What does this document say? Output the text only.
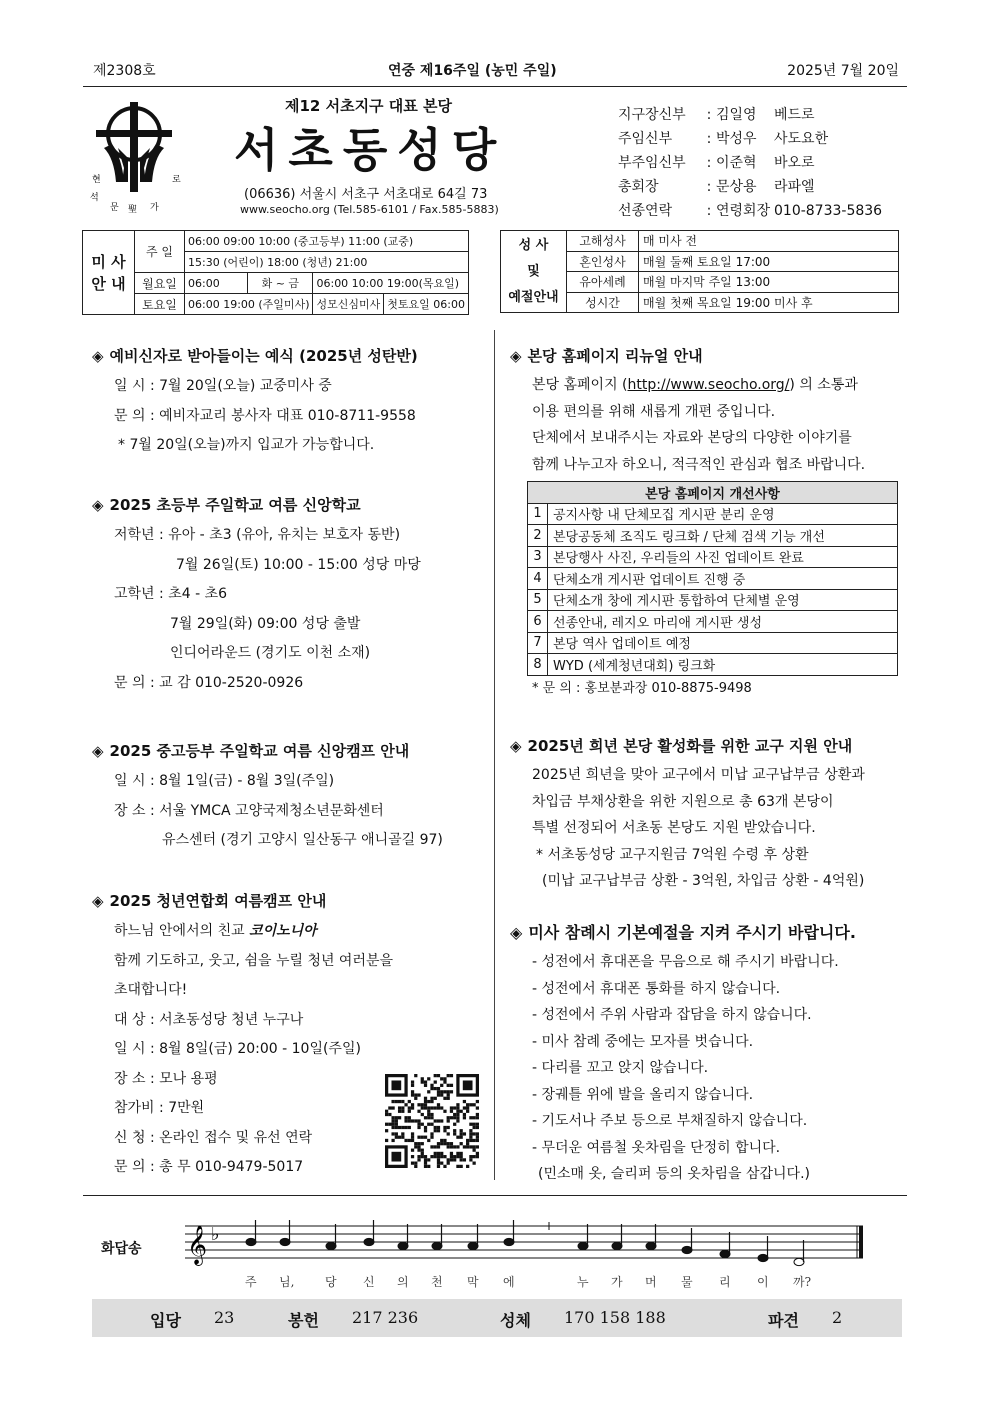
제2308호	연중 제16주일 (농민 주일)	2025년 7월 20일
현
석
문
로
가
聖
제12 서초지구 대표 본당
서초동성당
(06636) 서울시 서초구 서초대로 64길 73
www.seocho.org (Tel.585-6101 / Fax.585-5883)
지구장신부	: 김일영	베드로
주임신부	: 박성우	사도요한
부주임신부	: 이준혁	바오로
총회장	: 문상용	라파엘
선종연락	: 연령회장 010-8733-5836
미 사
안 내	주 일	06:00 09:00 10:00 (중고등부) 11:00 (교중)			
		15:30 (어린이) 18:00 (청년) 21:00			
	월요일	06:00	화 ~ 금	06:00 10:00 19:00(목요일)	
	토요일	06:00 19:00 (주일미사)		성모신심미사	첫토요일 06:00
성 사
및
예절안내	고해성사	매 미사 전
	혼인성사	매월 둘째 토요일 17:00
	유아세례	매월 마지막 주일 13:00
	성시간	매월 첫째 목요일 19:00 미사 후
◈ 예비신자로 받아들이는 예식 (2025년 성탄반)
일 시 : 7월 20일(오늘) 교중미사 중
문 의 : 예비자교리 봉사자 대표 010-8711-9558
* 7월 20일(오늘)까지 입교가 가능합니다.
◈ 2025 초등부 주일학교 여름 신앙학교
저학년 : 유아 - 초3 (유아, 유치는 보호자 동반)
7월 26일(토) 10:00 - 15:00 성당 마당
고학년 : 초4 - 초6
7월 29일(화) 09:00 성당 출발
인디어라운드 (경기도 이천 소재)
문 의 : 교 감 010-2520-0926
◈ 2025 중고등부 주일학교 여름 신앙캠프 안내
일 시 : 8월 1일(금) - 8월 3일(주일)
장 소 : 서울 YMCA 고양국제청소년문화센터
유스센터 (경기 고양시 일산동구 애니골길 97)
◈ 2025 청년연합회 여름캠프 안내
하느님 안에서의 친교 코이노니아
함께 기도하고, 웃고, 쉼을 누릴 청년 여러분을
초대합니다!
대 상 : 서초동성당 청년 누구나
일 시 : 8월 8일(금) 20:00 - 10일(주일)
장 소 : 모나 용평
참가비 : 7만원
신 청 : 온라인 접수 및 유선 연락
문 의 : 총 무 010-9479-5017
◈ 본당 홈페이지 리뉴얼 안내
본당 홈페이지 (http://www.seocho.org/) 의 소통과
이용 편의를 위해 새롭게 개편 중입니다.
단체에서 보내주시는 자료와 본당의 다양한 이야기를
함께 나누고자 하오니, 적극적인 관심과 협조 바랍니다.
본당 홈페이지 개선사항	
1	공지사항 내 단체모집 게시판 분리 운영
2	본당공동체 조직도 링크화 / 단체 검색 기능 개선
3	본당행사 사진, 우리들의 사진 업데이트 완료
4	단체소개 게시판 업데이트 진행 중
5	단체소개 창에 게시판 통합하여 단체별 운영
6	선종안내, 레지오 마리애 게시판 생성
7	본당 역사 업데이트 예정
8	WYD (세계청년대회) 링크화
* 문 의 : 홍보분과장 010-8875-9498
◈ 2025년 희년 본당 활성화를 위한 교구 지원 안내
2025년 희년을 맞아 교구에서 미납 교구납부금 상환과
차입금 부채상환을 위한 지원으로 총 63개 본당이
특별 선정되어 서초동 본당도 지원 받았습니다.
* 서초동성당 교구지원금 7억원 수령 후 상환
(미납 교구납부금 상환 - 3억원, 차입금 상환 - 4억원)
◈ 미사 참례시 기본예절을 지켜 주시기 바랍니다.
- 성전에서 휴대폰을 무음으로 해 주시기 바랍니다.
- 성전에서 휴대폰 통화를 하지 않습니다.
- 성전에서 주위 사람과 잡담을 하지 않습니다.
- 미사 참례 중에는 모자를 벗습니다.
- 다리를 꼬고 앉지 않습니다.
- 장궤틀 위에 발을 올리지 않습니다.
- 기도서나 주보 등으로 부채질하지 않습니다.
- 무더운 여름철 옷차림을 단정히 합니다.
(민소매 옷, 슬리퍼 등의 옷차림을 삼갑니다.)
화답송 𝄞 ♭
주 님,	당 신 의 천 막 에	누 가 머 물 리 이 까?
입당 23	봉헌 217 236	성체 170 158 188	파견 2
